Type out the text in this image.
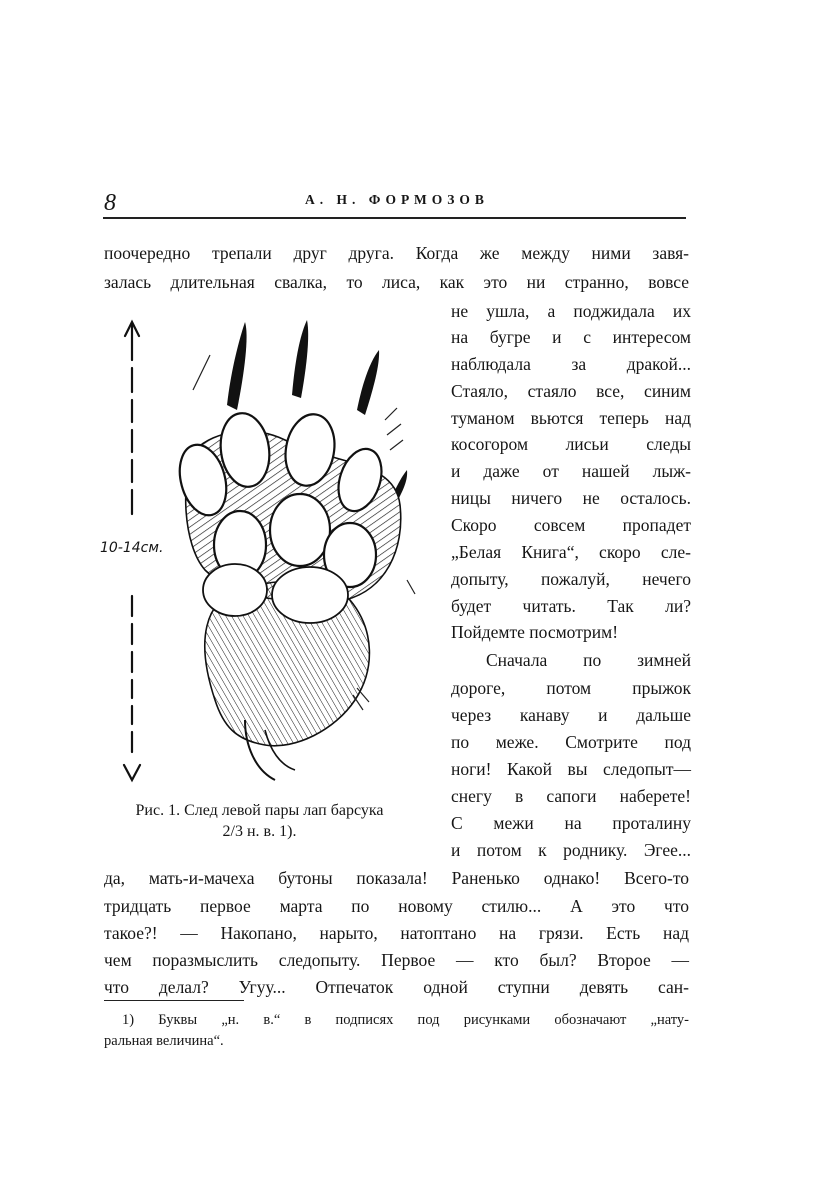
8	А. Н. ФОРМОЗОВ
поочередно трепали друг друга. Когда же между ними завя-
залась длительная свалка, то лиса, как это ни странно, вовсе
не ушла, а поджидала их
на бугре и с интересом
наблюдала за дракой...
Стаяло, стаяло все, синим
туманом вьются теперь над
косогором лисьи следы
и даже от нашей лыж-
ницы ничего не осталось.
Скоро совсем пропадет
„Белая Книга“, скоро сле-
допыту, пожалуй, нечего
будет читать. Так ли?
Пойдемте посмотрим!
Сначала по зимней
дороге, потом прыжок
через канаву и дальше
по меже. Смотрите под
ноги! Какой вы следопыт—
снегу в сапоги наберете!
С межи на проталину
и потом к роднику. Эгее...
да, мать-и-мачеха бутоны показала! Раненько однако! Всего-то
тридцать первое марта по новому стилю... А это что
такое?! — Накопано, нарыто, натоптано на грязи. Есть над
чем поразмыслить следопыту. Первое — кто был? Второе —
что делал? Угуу... Отпечаток одной ступни девять сан-
10-14см.
Рис. 1. След левой пары лап барсука
2/3 н. в. 1).
1) Буквы „н. в.“ в подписях под рисунками обозначают „нату-
ральная величина“.
